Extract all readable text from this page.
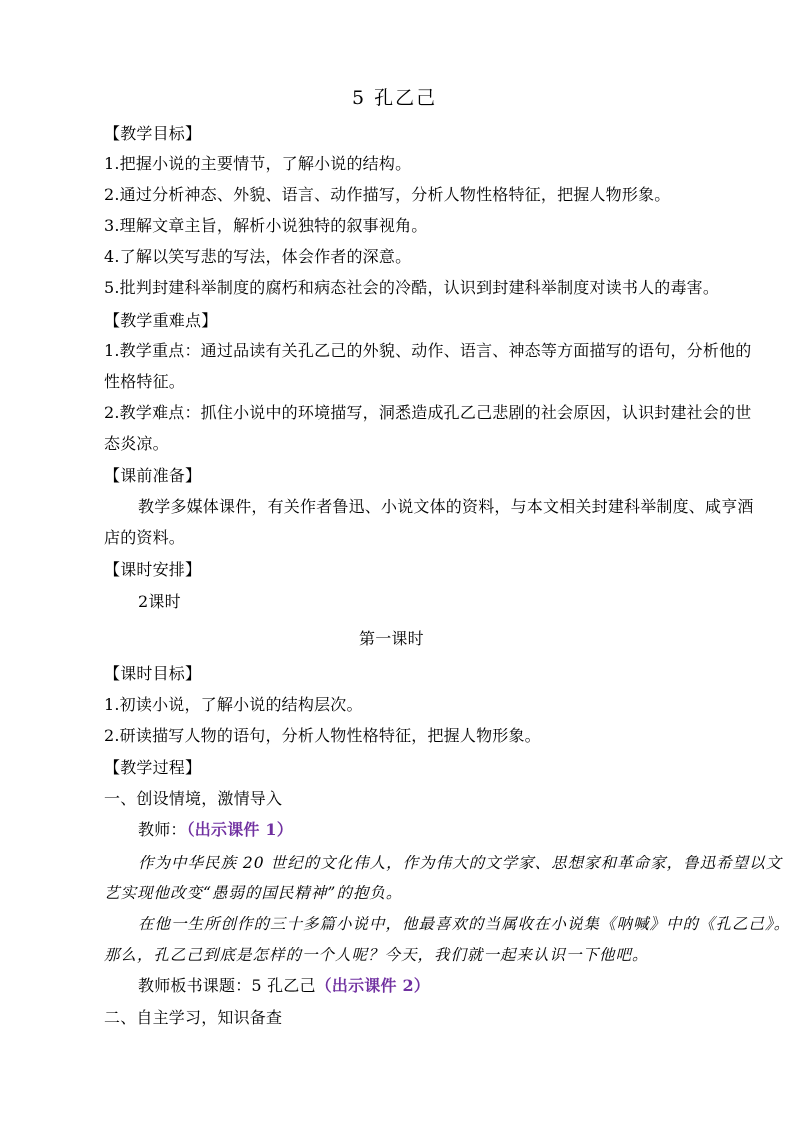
5 孔乙己
【教学目标】
1.把握小说的主要情节，了解小说的结构。
2.通过分析神态、外貌、语言、动作描写，分析人物性格特征，把握人物形象。
3.理解文章主旨，解析小说独特的叙事视角。
4.了解以笑写悲的写法，体会作者的深意。
5.批判封建科举制度的腐朽和病态社会的冷酷，认识到封建科举制度对读书人的毒害。
【教学重难点】
1.教学重点：通过品读有关孔乙己的外貌、动作、语言、神态等方面描写的语句，分析他的
性格特征。
2.教学难点：抓住小说中的环境描写，洞悉造成孔乙己悲剧的社会原因，认识封建社会的世
态炎凉。
【课前准备】
教学多媒体课件，有关作者鲁迅、小说文体的资料，与本文相关封建科举制度、咸亨酒
店的资料。
【课时安排】
2课时
第一课时
【课时目标】
1.初读小说，了解小说的结构层次。
2.研读描写人物的语句，分析人物性格特征，把握人物形象。
【教学过程】
一、创设情境，激情导入
教师：（出示课件 1）
作为中华民族 20 世纪的文化伟人，作为伟大的文学家、思想家和革命家，鲁迅希望以文
艺实现他改变“愚弱的国民精神”的抱负。
在他一生所创作的三十多篇小说中，他最喜欢的当属收在小说集《呐喊》中的《孔乙己》。
那么，孔乙己到底是怎样的一个人呢？今天，我们就一起来认识一下他吧。
教师板书课题：5 孔乙己（出示课件 2）
二、自主学习，知识备查
